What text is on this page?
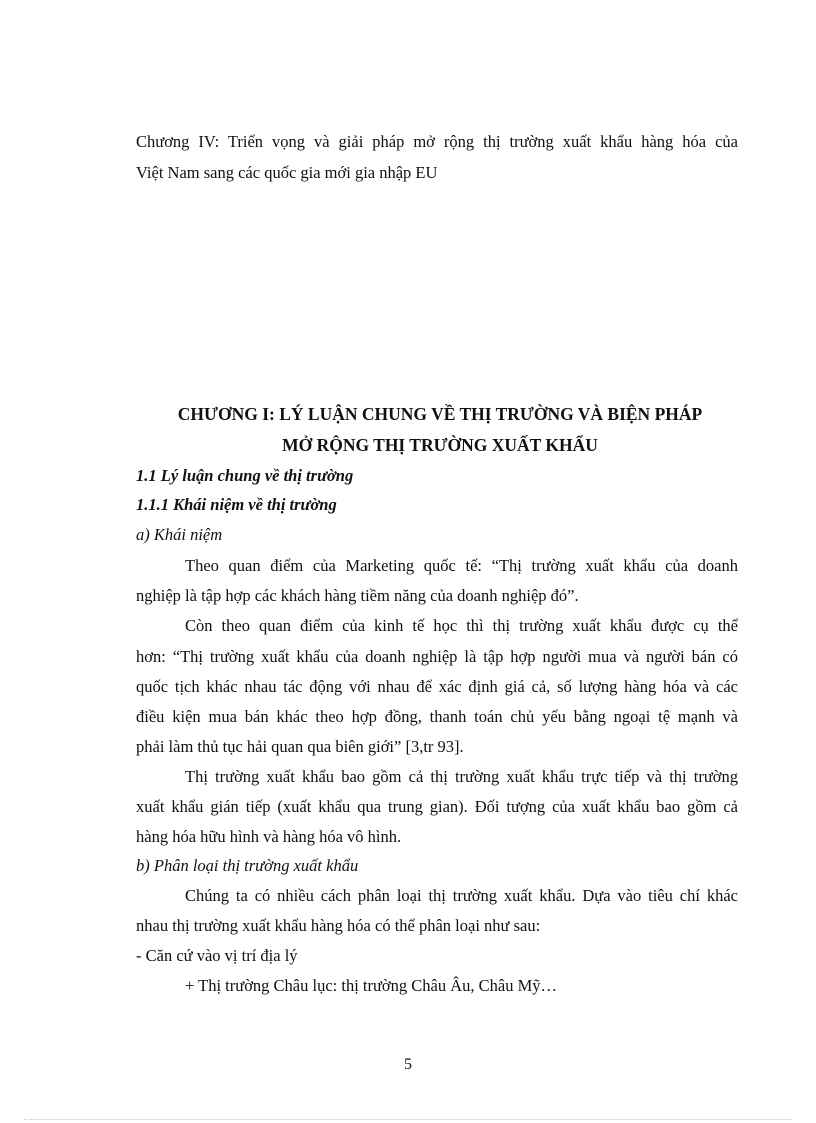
Chương IV: Triển vọng và giải pháp mở rộng thị trường xuất khẩu hàng hóa của
Việt Nam sang các quốc gia mới gia nhập EU
CHƯƠNG I: LÝ LUẬN CHUNG VỀ THỊ TRƯỜNG VÀ BIỆN PHÁP
MỞ RỘNG THỊ TRƯỜNG XUẤT KHẨU
1.1 Lý luận chung về thị trường
1.1.1 Khái niệm về thị trường
a) Khái niệm
Theo quan điểm của Marketing quốc tế: “Thị trường xuất khẩu của doanh
nghiệp là tập hợp các khách hàng tiềm năng của doanh nghiệp đó”.
Còn theo quan điểm của kinh tế học thì thị trường xuất khẩu được cụ thể
hơn: “Thị trường xuất khẩu của doanh nghiệp là tập hợp người mua và người bán có
quốc tịch khác nhau tác động với nhau để xác định giá cả, số lượng hàng hóa và các
điều kiện mua bán khác theo hợp đồng, thanh toán chủ yếu bằng ngoại tệ mạnh và
phải làm thủ tục hải quan qua biên giới” [3,tr 93].
Thị trường xuất khẩu bao gồm cả thị trường xuất khẩu trực tiếp và thị trường
xuất khẩu gián tiếp (xuất khẩu qua trung gian). Đối tượng của xuất khẩu bao gồm cả
hàng hóa hữu hình và hàng hóa vô hình.
b) Phân loại thị trường xuất khẩu
Chúng ta có nhiều cách phân loại thị trường xuất khẩu. Dựa vào tiêu chí khác
nhau thị trường xuất khẩu hàng hóa có thể phân loại như sau:
- Căn cứ vào vị trí địa lý
+ Thị trường Châu lục: thị trường Châu Âu, Châu Mỹ…
5
